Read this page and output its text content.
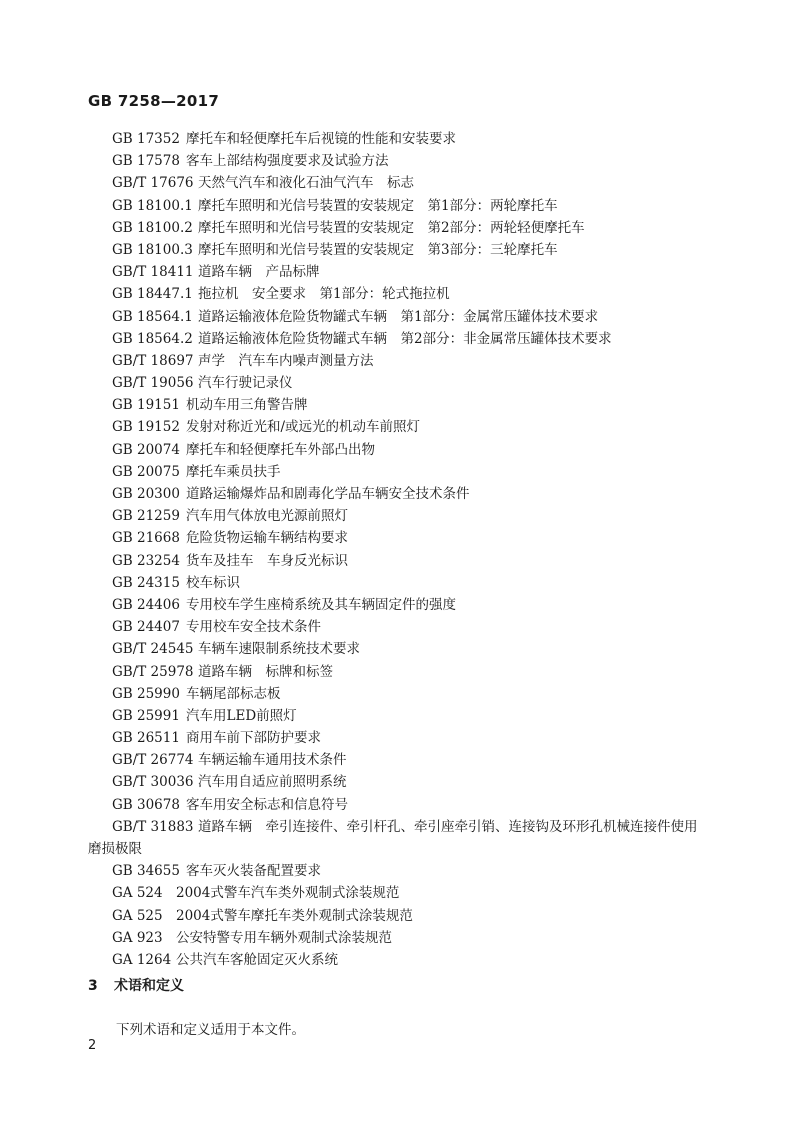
GB 7258—2017
GB 17352 摩托车和轻便摩托车后视镜的性能和安装要求
GB 17578 客车上部结构强度要求及试验方法
GB/T 17676 天然气汽车和液化石油气汽车　标志
GB 18100.1 摩托车照明和光信号装置的安装规定　第1部分：两轮摩托车
GB 18100.2 摩托车照明和光信号装置的安装规定　第2部分：两轮轻便摩托车
GB 18100.3 摩托车照明和光信号装置的安装规定　第3部分：三轮摩托车
GB/T 18411 道路车辆　产品标牌
GB 18447.1 拖拉机　安全要求　第1部分：轮式拖拉机
GB 18564.1 道路运输液体危险货物罐式车辆　第1部分：金属常压罐体技术要求
GB 18564.2 道路运输液体危险货物罐式车辆　第2部分：非金属常压罐体技术要求
GB/T 18697 声学　汽车车内噪声测量方法
GB/T 19056 汽车行驶记录仪
GB 19151 机动车用三角警告牌
GB 19152 发射对称近光和/或远光的机动车前照灯
GB 20074 摩托车和轻便摩托车外部凸出物
GB 20075 摩托车乘员扶手
GB 20300 道路运输爆炸品和剧毒化学品车辆安全技术条件
GB 21259 汽车用气体放电光源前照灯
GB 21668 危险货物运输车辆结构要求
GB 23254 货车及挂车　车身反光标识
GB 24315 校车标识
GB 24406 专用校车学生座椅系统及其车辆固定件的强度
GB 24407 专用校车安全技术条件
GB/T 24545 车辆车速限制系统技术要求
GB/T 25978 道路车辆　标牌和标签
GB 25990 车辆尾部标志板
GB 25991 汽车用LED前照灯
GB 26511 商用车前下部防护要求
GB/T 26774 车辆运输车通用技术条件
GB/T 30036 汽车用自适应前照明系统
GB 30678 客车用安全标志和信息符号
GB/T 31883 道路车辆　牵引连接件、牵引杆孔、牵引座牵引销、连接钩及环形孔机械连接件使用
磨损极限
GB 34655 客车灭火装备配置要求
GA 524 2004式警车汽车类外观制式涂装规范
GA 525 2004式警车摩托车类外观制式涂装规范
GA 923 公安特警专用车辆外观制式涂装规范
GA 1264 公共汽车客舱固定灭火系统
3 术语和定义
下列术语和定义适用于本文件。
2
